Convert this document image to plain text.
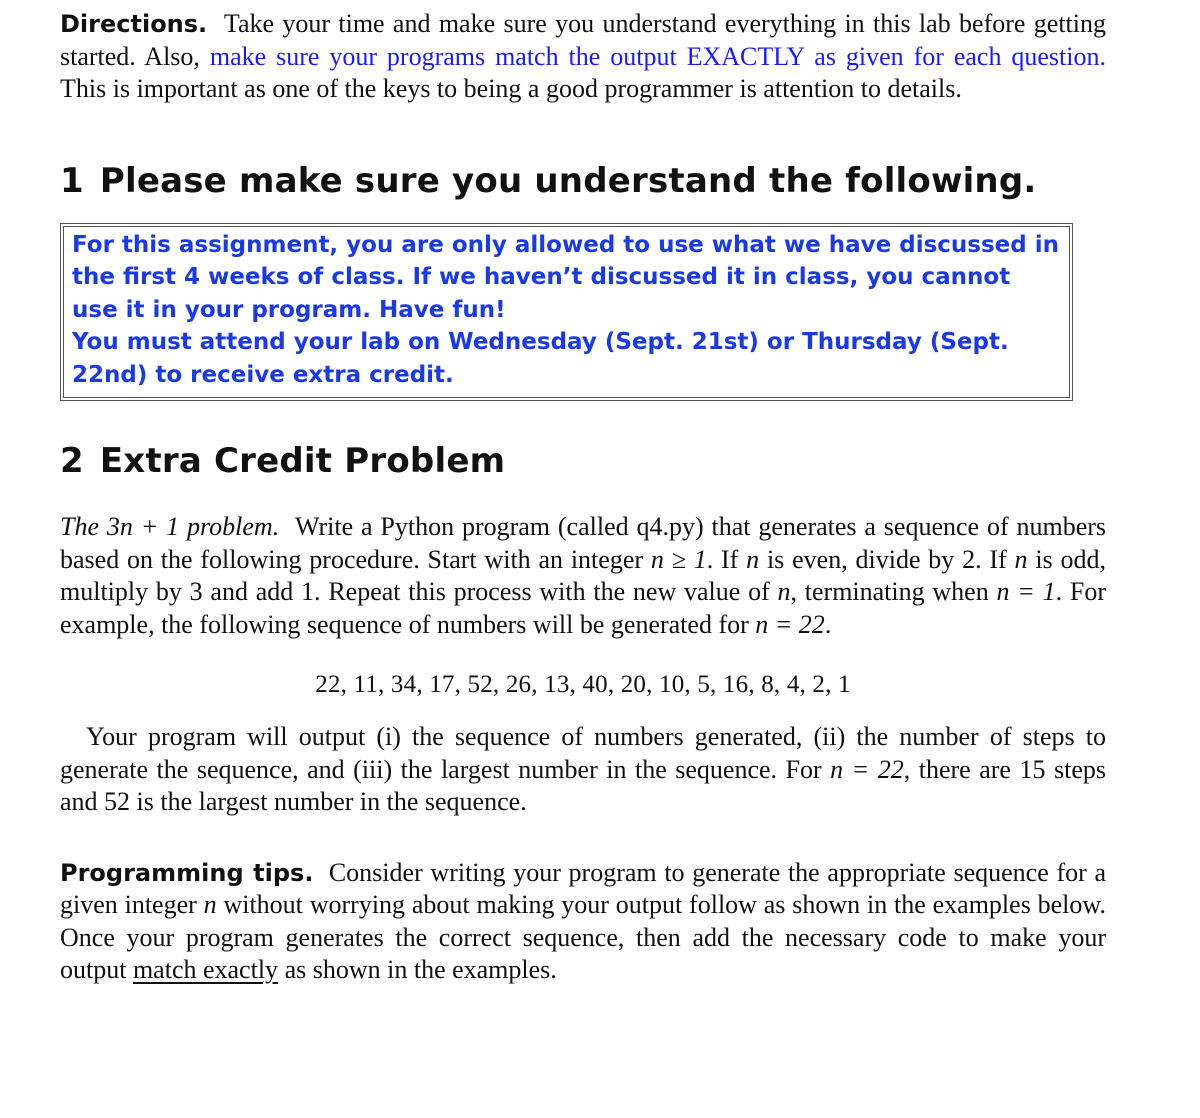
Directions. Take your time and make sure you understand everything in this lab before getting started. Also, make sure your programs match the output EXACTLY as given for each question. This is important as one of the keys to being a good programmer is attention to details.

1 Please make sure you understand the following.

For this assignment, you are only allowed to use what we have discussed in the first 4 weeks of class. If we haven’t discussed it in class, you cannot use it in your program. Have fun!

You must attend your lab on Wednesday (Sept. 21st) or Thursday (Sept. 22nd) to receive extra credit.

2 Extra Credit Problem

The 3n + 1 problem. Write a Python program (called q4.py) that generates a sequence of numbers based on the following procedure. Start with an integer n ≥ 1. If n is even, divide by 2. If n is odd, multiply by 3 and add 1. Repeat this process with the new value of n, terminating when n = 1. For example, the following sequence of numbers will be generated for n = 22.

22, 11, 34, 17, 52, 26, 13, 40, 20, 10, 5, 16, 8, 4, 2, 1

Your program will output (i) the sequence of numbers generated, (ii) the number of steps to generate the sequence, and (iii) the largest number in the sequence. For n = 22, there are 15 steps and 52 is the largest number in the sequence.

Programming tips. Consider writing your program to generate the appropriate sequence for a given integer n without worrying about making your output follow as shown in the examples below. Once your program generates the correct sequence, then add the necessary code to make your output match exactly as shown in the examples.
